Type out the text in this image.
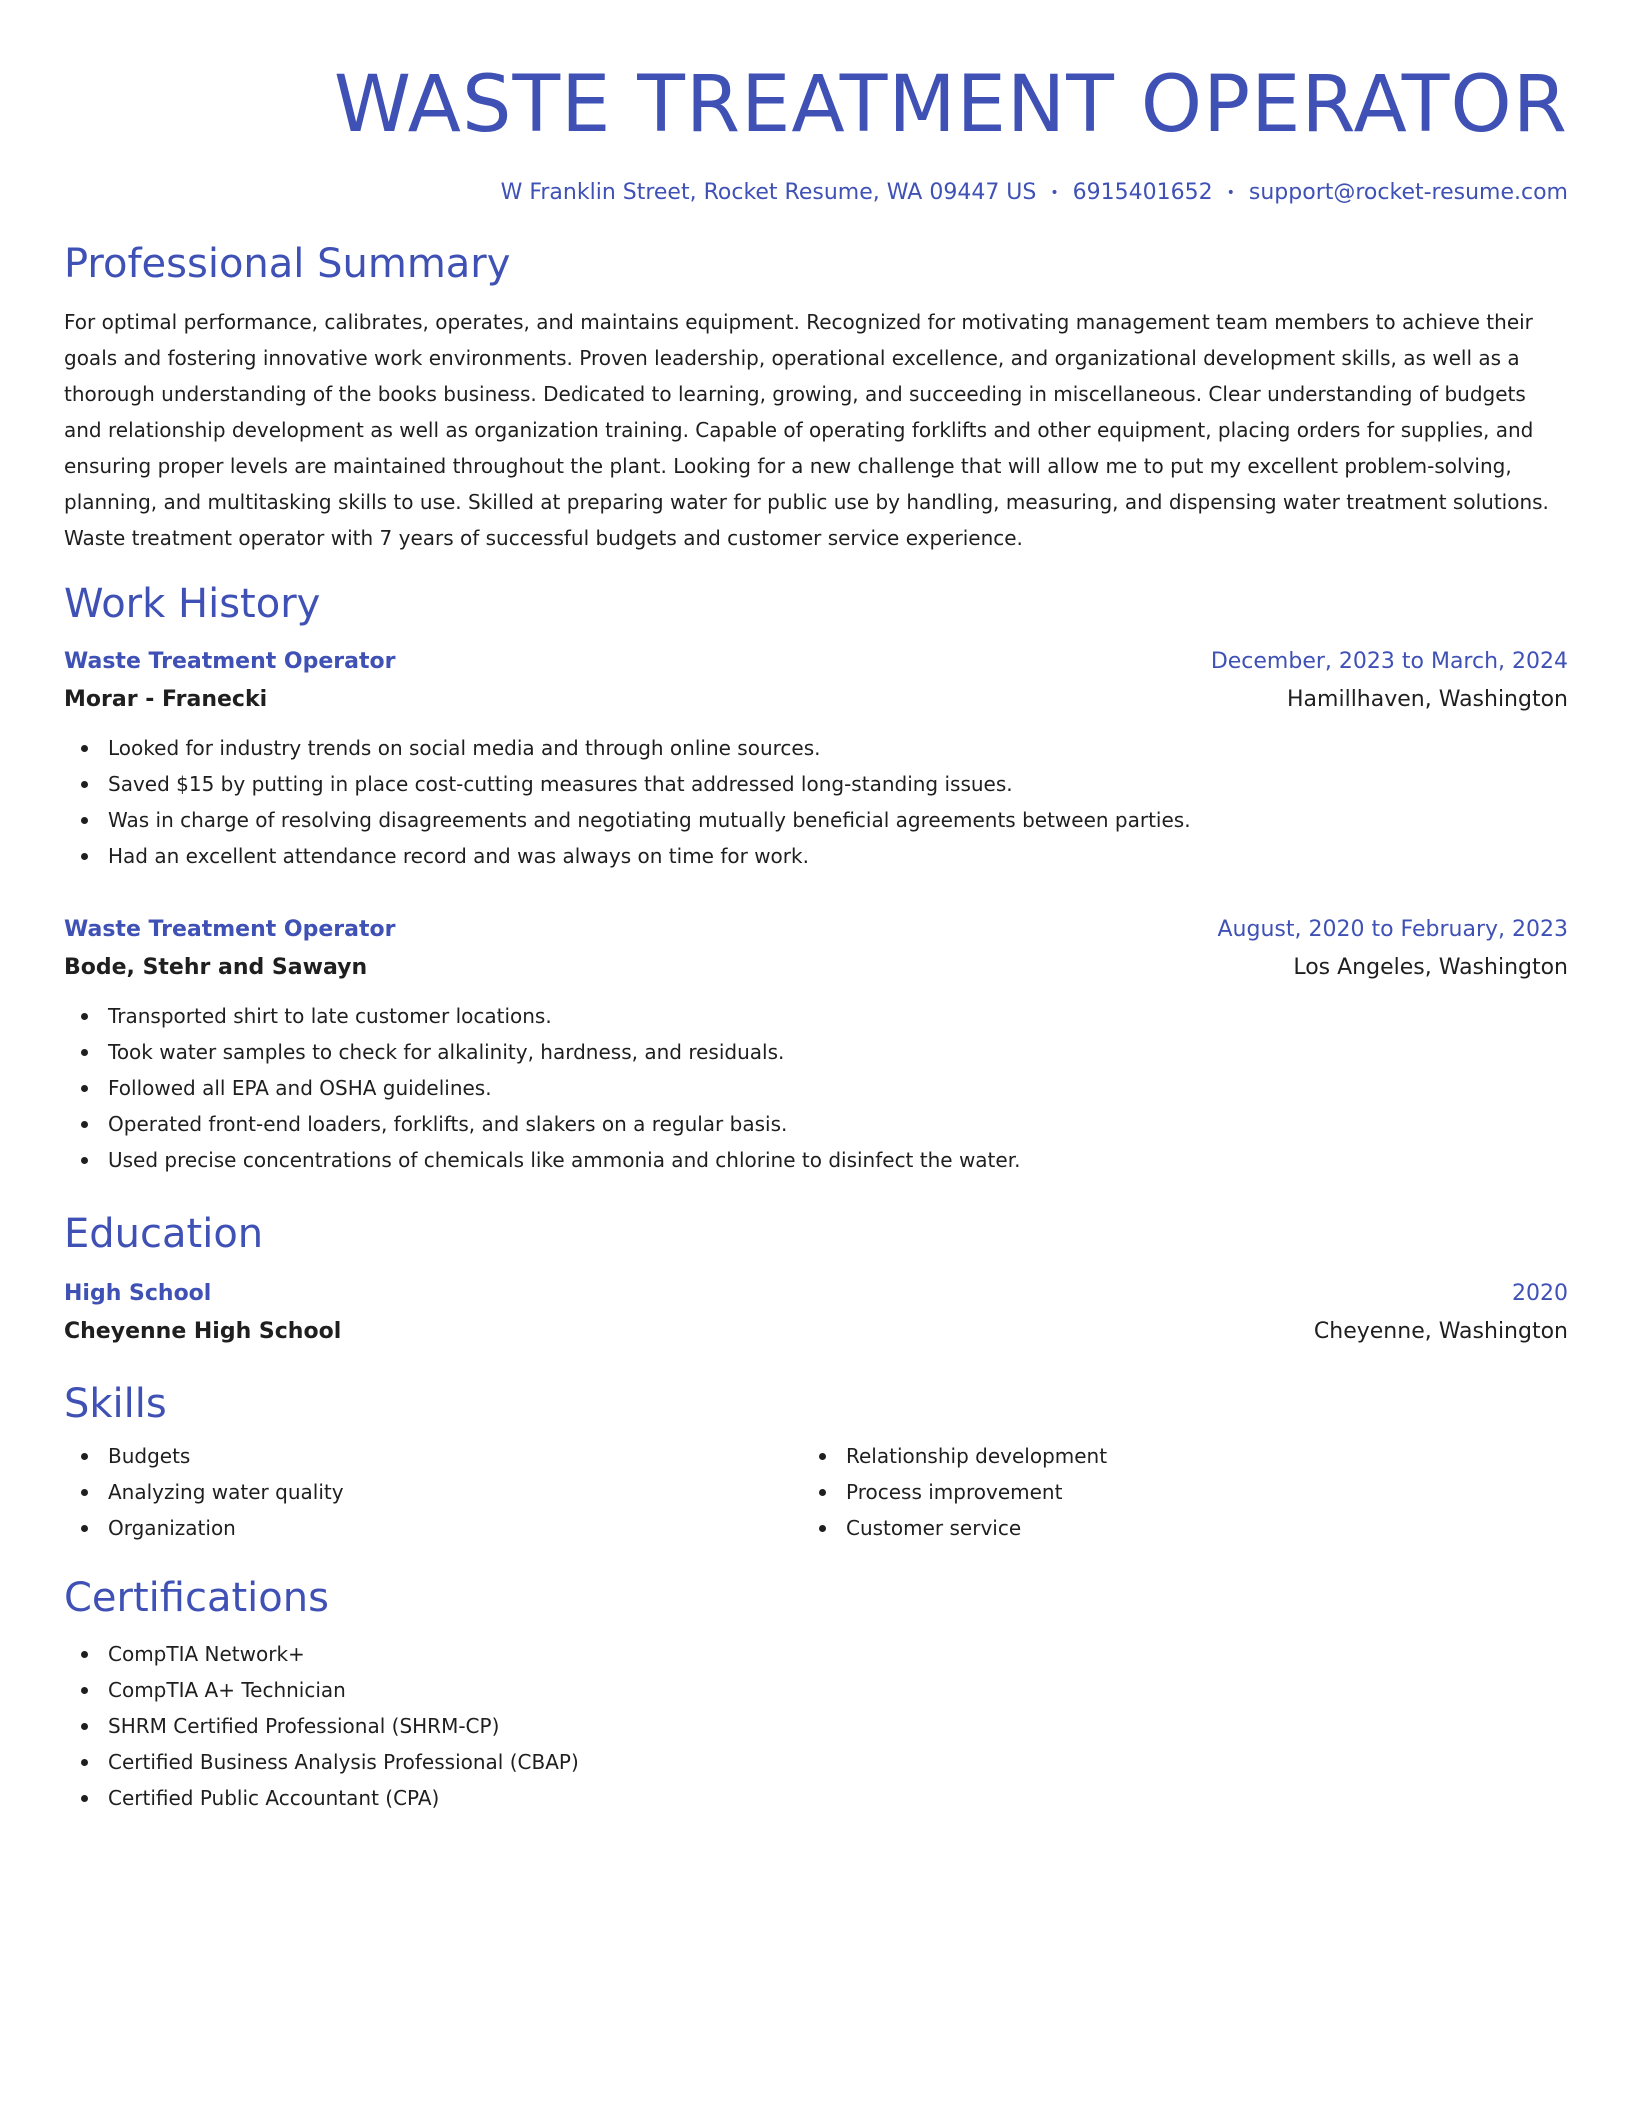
WASTE TREATMENT OPERATOR
W Franklin Street, Rocket Resume, WA 09447 US • 6915401652 • support@rocket-resume.com
Professional Summary

For optimal performance, calibrates, operates, and maintains equipment. Recognized for motivating management team members to achieve their goals and fostering innovative work environments. Proven leadership, operational excellence, and organizational development skills, as well as a thorough understanding of the books business. Dedicated to learning, growing, and succeeding in miscellaneous. Clear understanding of budgets and relationship development as well as organization training. Capable of operating forklifts and other equipment, placing orders for supplies, and ensuring proper levels are maintained throughout the plant. Looking for a new challenge that will allow me to put my excellent problem-solving, planning, and multitasking skills to use. Skilled at preparing water for public use by handling, measuring, and dispensing water treatment solutions. Waste treatment operator with 7 years of successful budgets and customer service experience.

Work History
Waste Treatment Operator	December, 2023 to March, 2024
Morar - Franecki	Hamillhaven, Washington
Looked for industry trends on social media and through online sources.
Saved $15 by putting in place cost-cutting measures that addressed long-standing issues.
Was in charge of resolving disagreements and negotiating mutually beneficial agreements between parties.
Had an excellent attendance record and was always on time for work.
Waste Treatment Operator	August, 2020 to February, 2023
Bode, Stehr and Sawayn	Los Angeles, Washington
Transported shirt to late customer locations.
Took water samples to check for alkalinity, hardness, and residuals.
Followed all EPA and OSHA guidelines.
Operated front-end loaders, forklifts, and slakers on a regular basis.
Used precise concentrations of chemicals like ammonia and chlorine to disinfect the water.
Education
High School	2020
Cheyenne High School	Cheyenne, Washington
Skills
Budgets
Analyzing water quality
Organization
Relationship development
Process improvement
Customer service
Certifications
CompTIA Network+
CompTIA A+ Technician
SHRM Certified Professional (SHRM-CP)
Certified Business Analysis Professional (CBAP)
Certified Public Accountant (CPA)
